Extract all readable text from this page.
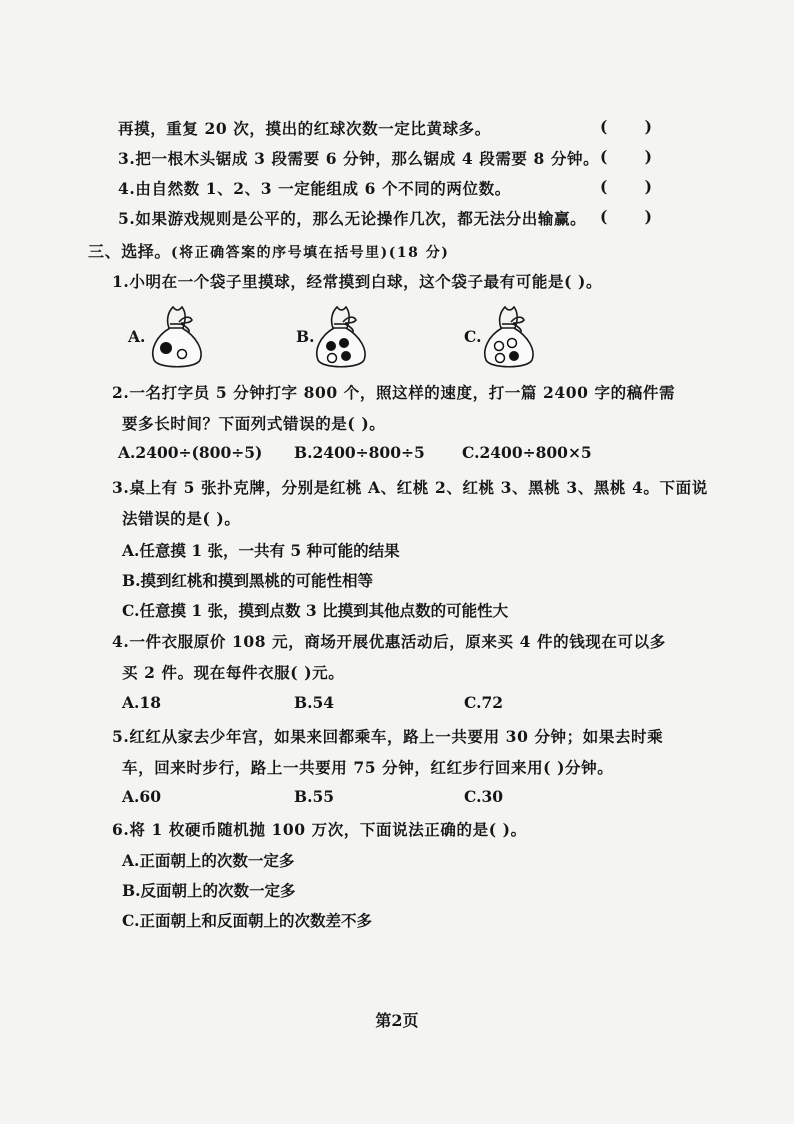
再摸，重复 20 次，摸出的红球次数一定比黄球多。	( )
3.把一根木头锯成 3 段需要 6 分钟，那么锯成 4 段需要 8 分钟。 ( )
4.由自然数 1、2、3 一定能组成 6 个不同的两位数。	( )
5.如果游戏规则是公平的，那么无论操作几次，都无法分出输赢。 ( )
三、选择。(将正确答案的序号填在括号里)(18 分)
1.小明在一个袋子里摸球，经常摸到白球，这个袋子最有可能是( )。
A.	B.	C.
2.一名打字员 5 分钟打字 800 个，照这样的速度，打一篇 2400 字的稿件需
要多长时间？下面列式错误的是( )。
A.2400÷(800÷5) B.2400÷800÷5 C.2400÷800×5
3.桌上有 5 张扑克牌，分别是红桃 A、红桃 2、红桃 3、黑桃 3、黑桃 4。下面说
法错误的是( )。
A.任意摸 1 张，一共有 5 种可能的结果
B.摸到红桃和摸到黑桃的可能性相等
C.任意摸 1 张，摸到点数 3 比摸到其他点数的可能性大
4.一件衣服原价 108 元，商场开展优惠活动后，原来买 4 件的钱现在可以多
买 2 件。现在每件衣服( )元。
A.18	B.54	C.72
5.红红从家去少年宫，如果来回都乘车，路上一共要用 30 分钟；如果去时乘
车，回来时步行，路上一共要用 75 分钟，红红步行回来用( )分钟。
A.60	B.55	C.30
6.将 1 枚硬币随机抛 100 万次，下面说法正确的是( )。
A.正面朝上的次数一定多
B.反面朝上的次数一定多
C.正面朝上和反面朝上的次数差不多
第2页
